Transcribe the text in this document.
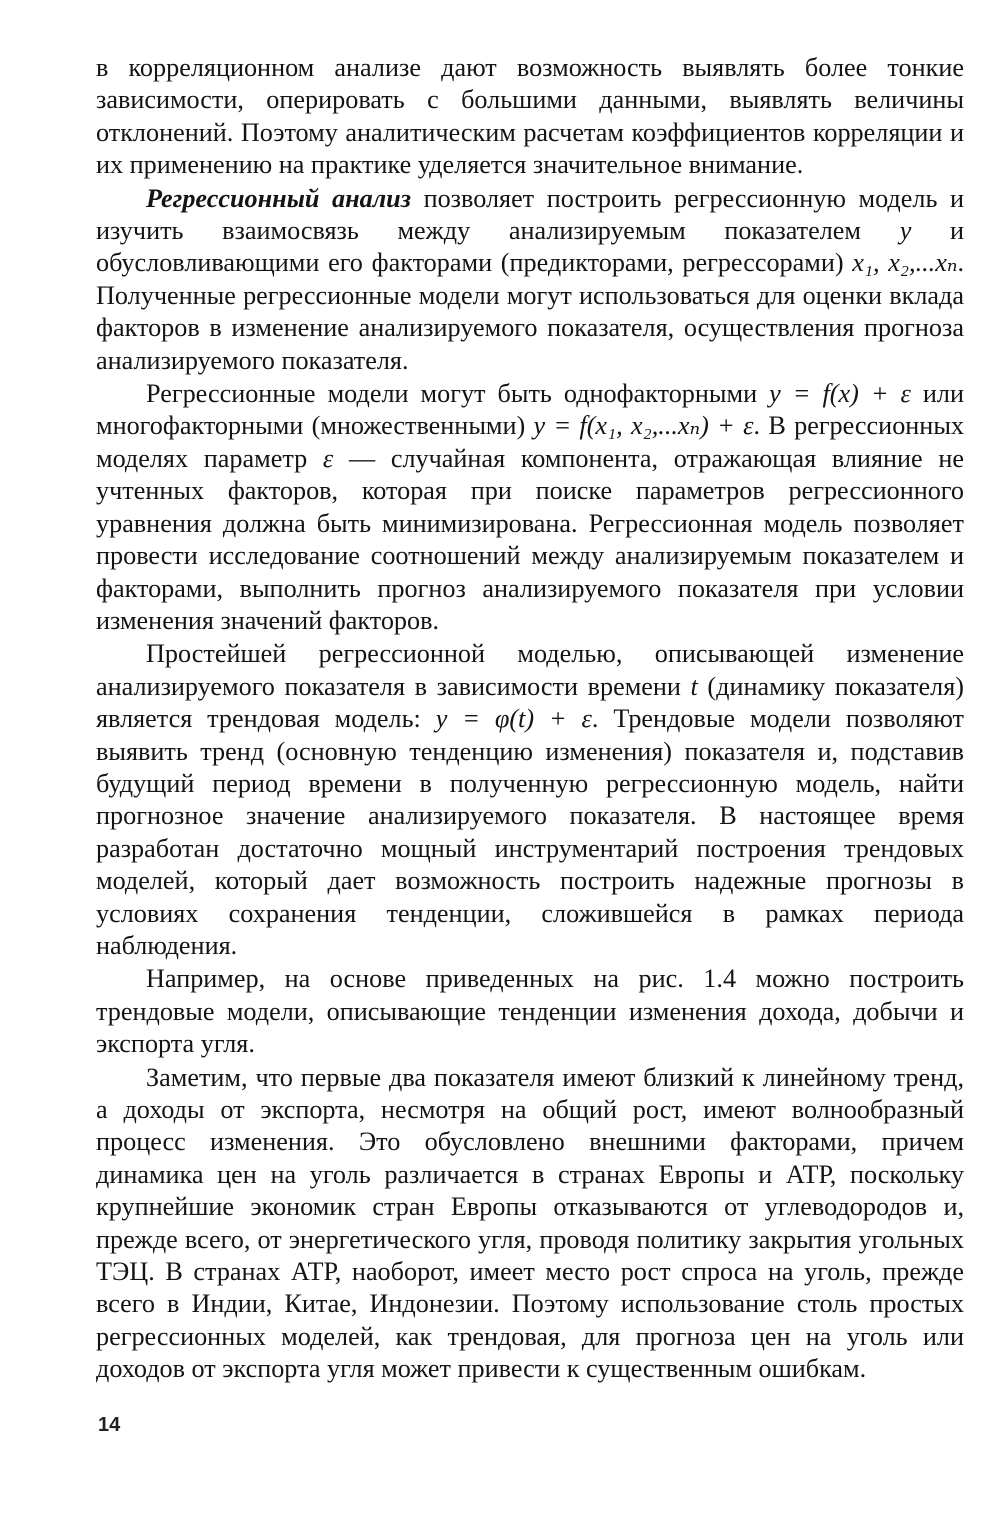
в корреляционном анализе дают возможность выявлять более тонкие зависимости, оперировать с большими данными, выявлять величины отклонений. Поэтому аналитическим расчетам коэффициентов корреляции и их применению на практике уделяется значительное внимание.

Регрессионный анализ позволяет построить регрессионную модель и изучить взаимосвязь между анализируемым показателем y и обусловливающими его факторами (предикторами, регрессорами) x₁, x₂,...xₙ. Полученные регрессионные модели могут использоваться для оценки вклада факторов в изменение анализируемого показателя, осуществления прогноза анализируемого показателя.

Регрессионные модели могут быть однофакторными y = f(x) + ε или многофакторными (множественными) y = f(x₁, x₂,...xₙ) + ε. В регрессионных моделях параметр ε — случайная компонента, отражающая влияние не учтенных факторов, которая при поиске параметров регрессионного уравнения должна быть минимизирована. Регрессионная модель позволяет провести исследование соотношений между анализируемым показателем и факторами, выполнить прогноз анализируемого показателя при условии изменения значений факторов.

Простейшей регрессионной моделью, описывающей изменение анализируемого показателя в зависимости времени t (динамику показателя) является трендовая модель: y = φ(t) + ε. Трендовые модели позволяют выявить тренд (основную тенденцию изменения) показателя и, подставив будущий период времени в полученную регрессионную модель, найти прогнозное значение анализируемого показателя. В настоящее время разработан достаточно мощный инструментарий построения трендовых моделей, который дает возможность построить надежные прогнозы в условиях сохранения тенденции, сложившейся в рамках периода наблюдения.

Например, на основе приведенных на рис. 1.4 можно построить трендовые модели, описывающие тенденции изменения дохода, добычи и экспорта угля.

Заметим, что первые два показателя имеют близкий к линейному тренд, а доходы от экспорта, несмотря на общий рост, имеют волнообразный процесс изменения. Это обусловлено внешними факторами, причем динамика цен на уголь различается в странах Европы и АТР, поскольку крупнейшие экономик стран Европы отказываются от углеводородов и, прежде всего, от энергетического угля, проводя политику закрытия угольных ТЭЦ. В странах АТР, наоборот, имеет место рост спроса на уголь, прежде всего в Индии, Китае, Индонезии. Поэтому использование столь простых регрессионных моделей, как трендовая, для прогноза цен на уголь или доходов от экспорта угля может привести к существенным ошибкам.

14
